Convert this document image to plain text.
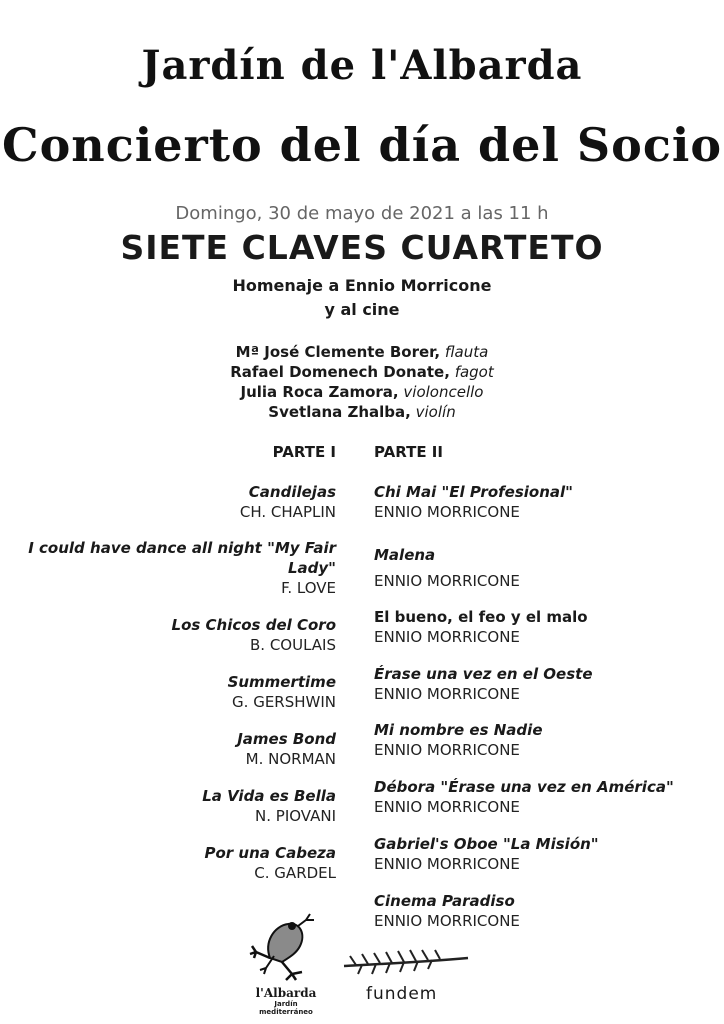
Jardín de l'Albarda
Concierto del día del Socio
Domingo, 30 de mayo de 2021 a las 11 h
SIETE CLAVES CUARTETO
Homenaje a Ennio Morricone
y al cine
Mª José Clemente Borer, flauta
Rafael Domenech Donate, fagot
Julia Roca Zamora, violoncello
Svetlana Zhalba, violín
PARTE I	PARTE II
Candilejas
CH. CHAPLIN
I could have dance all night "My Fair Lady"
F. LOVE
Los Chicos del Coro
B. COULAIS
Summertime
G. GERSHWIN
James Bond
M. NORMAN
La Vida es Bella
N. PIOVANI
Por una Cabeza
C. GARDEL
Chi Mai "El Profesional"
ENNIO MORRICONE
Malena
ENNIO MORRICONE
El bueno, el feo y el malo
ENNIO MORRICONE
Érase una vez en el Oeste
ENNIO MORRICONE
Mi nombre es Nadie
ENNIO MORRICONE
Débora "Érase una vez en América"
ENNIO MORRICONE
Gabriel's Oboe "La Misión"
ENNIO MORRICONE
Cinema Paradiso
ENNIO MORRICONE
l'Albarda
Jardín mediterráneo
fundem
